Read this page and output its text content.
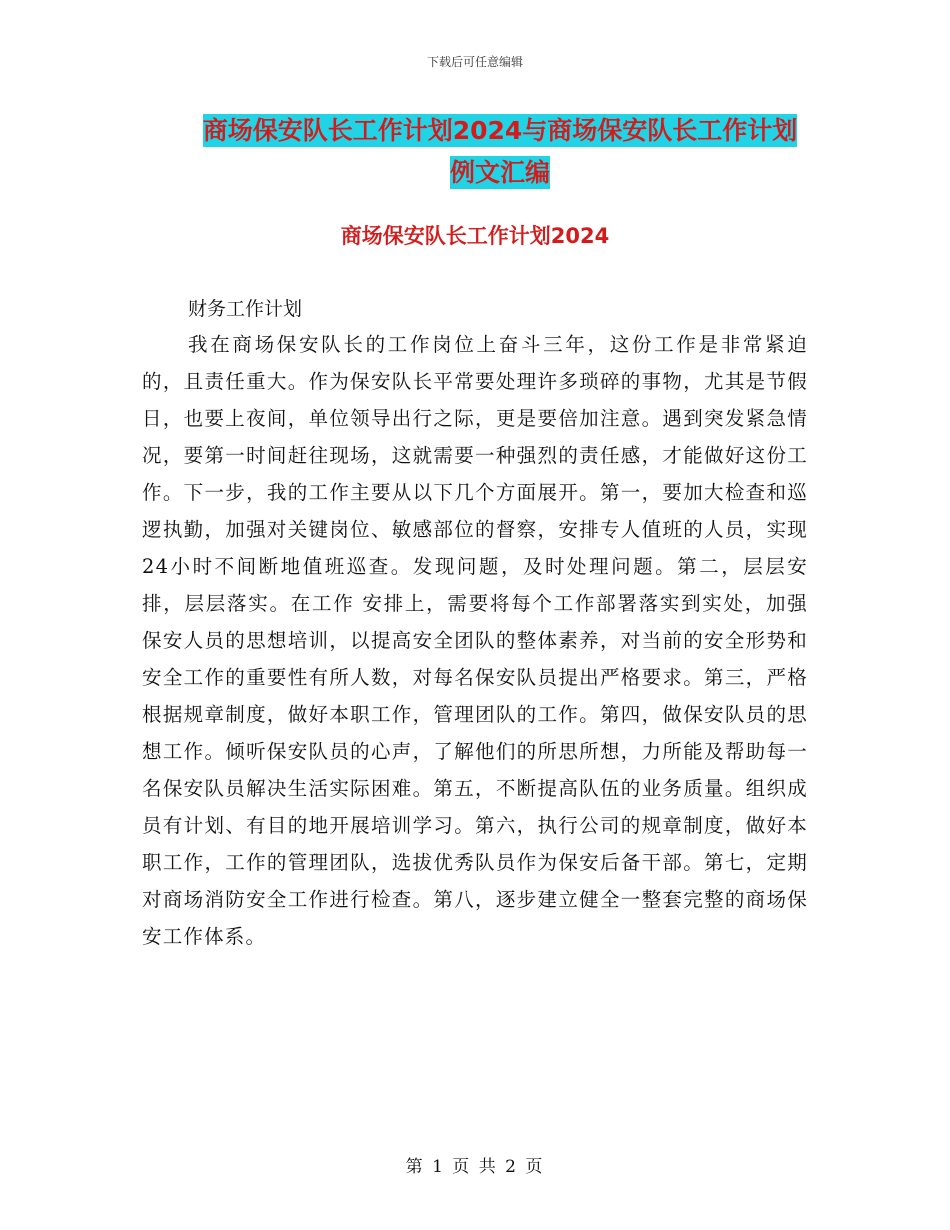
下载后可任意编辑
商场保安队长工作计划2024与商场保安队长工作计划
例文汇编
商场保安队长工作计划2024
财务工作计划

我在商场保安队长的工作岗位上奋斗三年，这份工作是非常紧迫的，且责任重大。作为保安队长平常要处理许多琐碎的事物，尤其是节假日，也要上夜间，单位领导出行之际，更是要倍加注意。遇到突发紧急情况，要第一时间赶往现场，这就需要一种强烈的责任感，才能做好这份工作。下一步，我的工作主要从以下几个方面展开。第一，要加大检查和巡逻执勤，加强对关键岗位、敏感部位的督察，安排专人值班的人员，实现24小时不间断地值班巡查。发现问题，及时处理问题。第二，层层安排，层层落实。在工作 安排上，需要将每个工作部署落实到实处，加强保安人员的思想培训，以提高安全团队的整体素养，对当前的安全形势和安全工作的重要性有所人数，对每名保安队员提出严格要求。第三，严格根据规章制度，做好本职工作，管理团队的工作。第四，做保安队员的思想工作。倾听保安队员的心声，了解他们的所思所想，力所能及帮助每一名保安队员解决生活实际困难。第五，不断提高队伍的业务质量。组织成员有计划、有目的地开展培训学习。第六，执行公司的规章制度，做好本职工作，工作的管理团队，选拔优秀队员作为保安后备干部。第七，定期对商场消防安全工作进行检查。第八，逐步建立健全一整套完整的商场保安工作体系。

第 1 页 共 2 页
